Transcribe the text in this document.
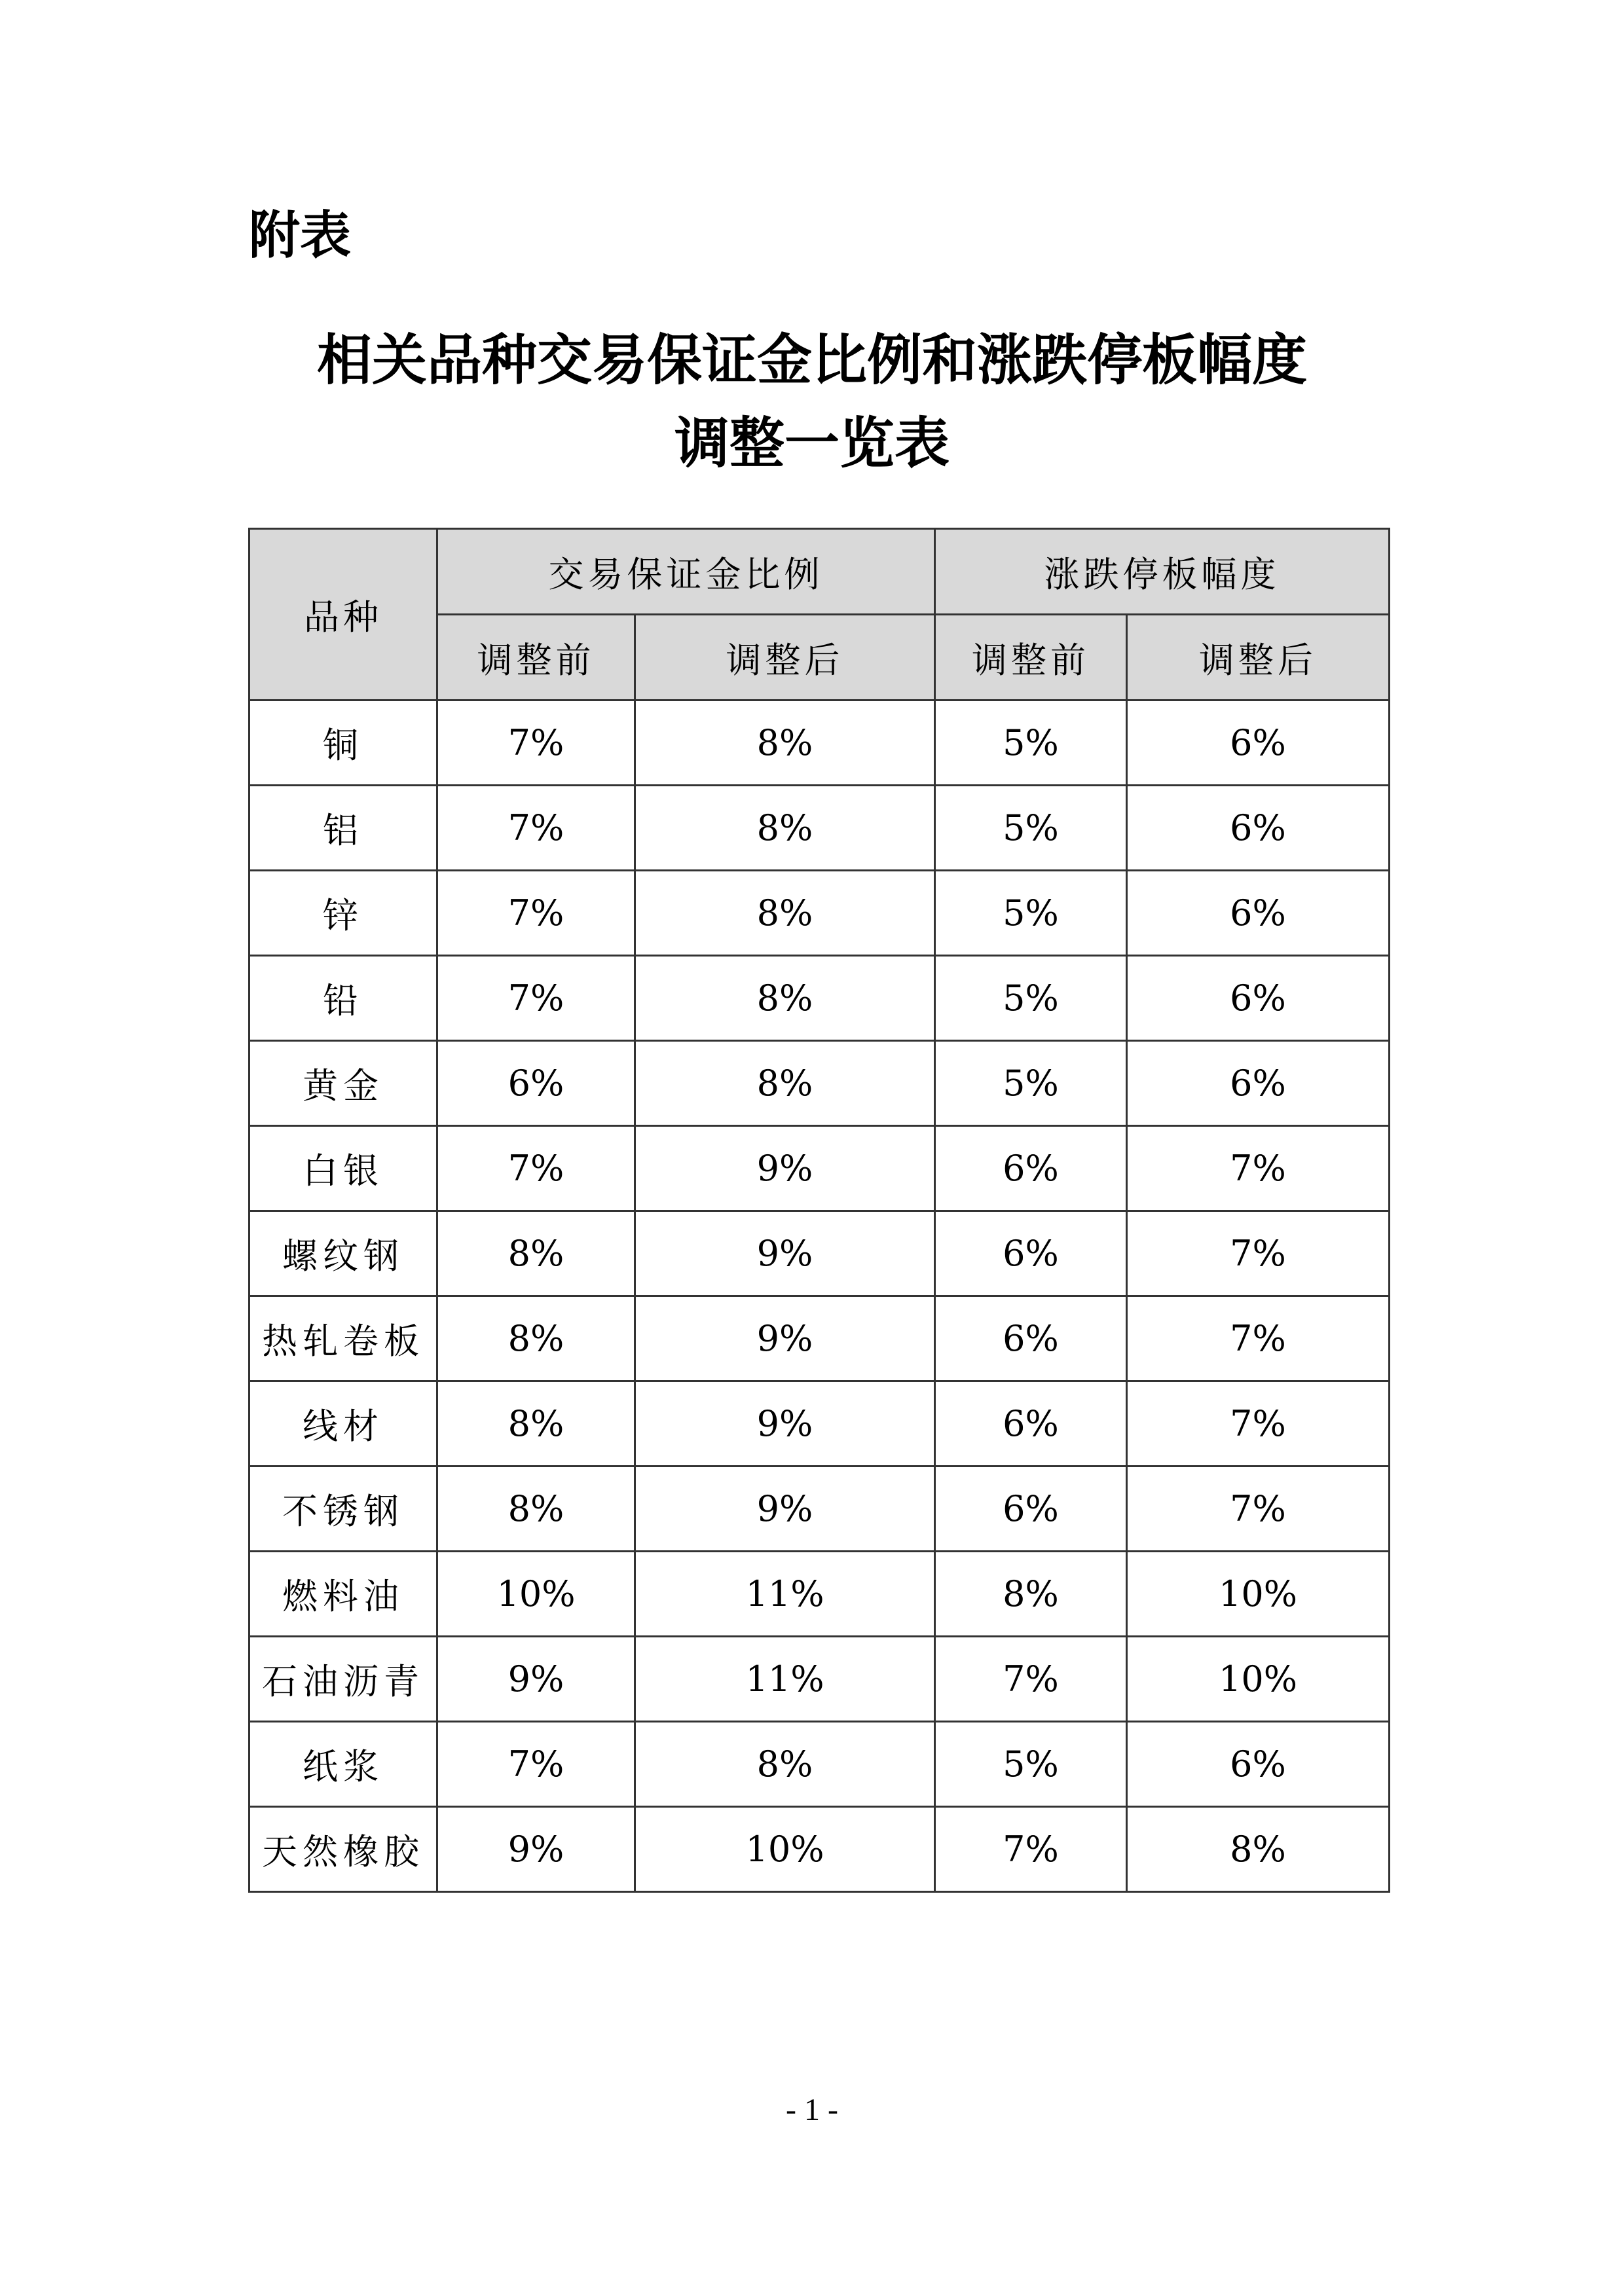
附表
相关品种交易保证金比例和涨跌停板幅度
调整一览表
品种	交易保证金比例		涨跌停板幅度	
	调整前	调整后	调整前	调整后
铜	7%	8%	5%	6%
铝	7%	8%	5%	6%
锌	7%	8%	5%	6%
铅	7%	8%	5%	6%
黄金	6%	8%	5%	6%
白银	7%	9%	6%	7%
螺纹钢	8%	9%	6%	7%
热轧卷板	8%	9%	6%	7%
线材	8%	9%	6%	7%
不锈钢	8%	9%	6%	7%
燃料油	10%	11%	8%	10%
石油沥青	9%	11%	7%	10%
纸浆	7%	8%	5%	6%
天然橡胶	9%	10%	7%	8%
- 1 -
